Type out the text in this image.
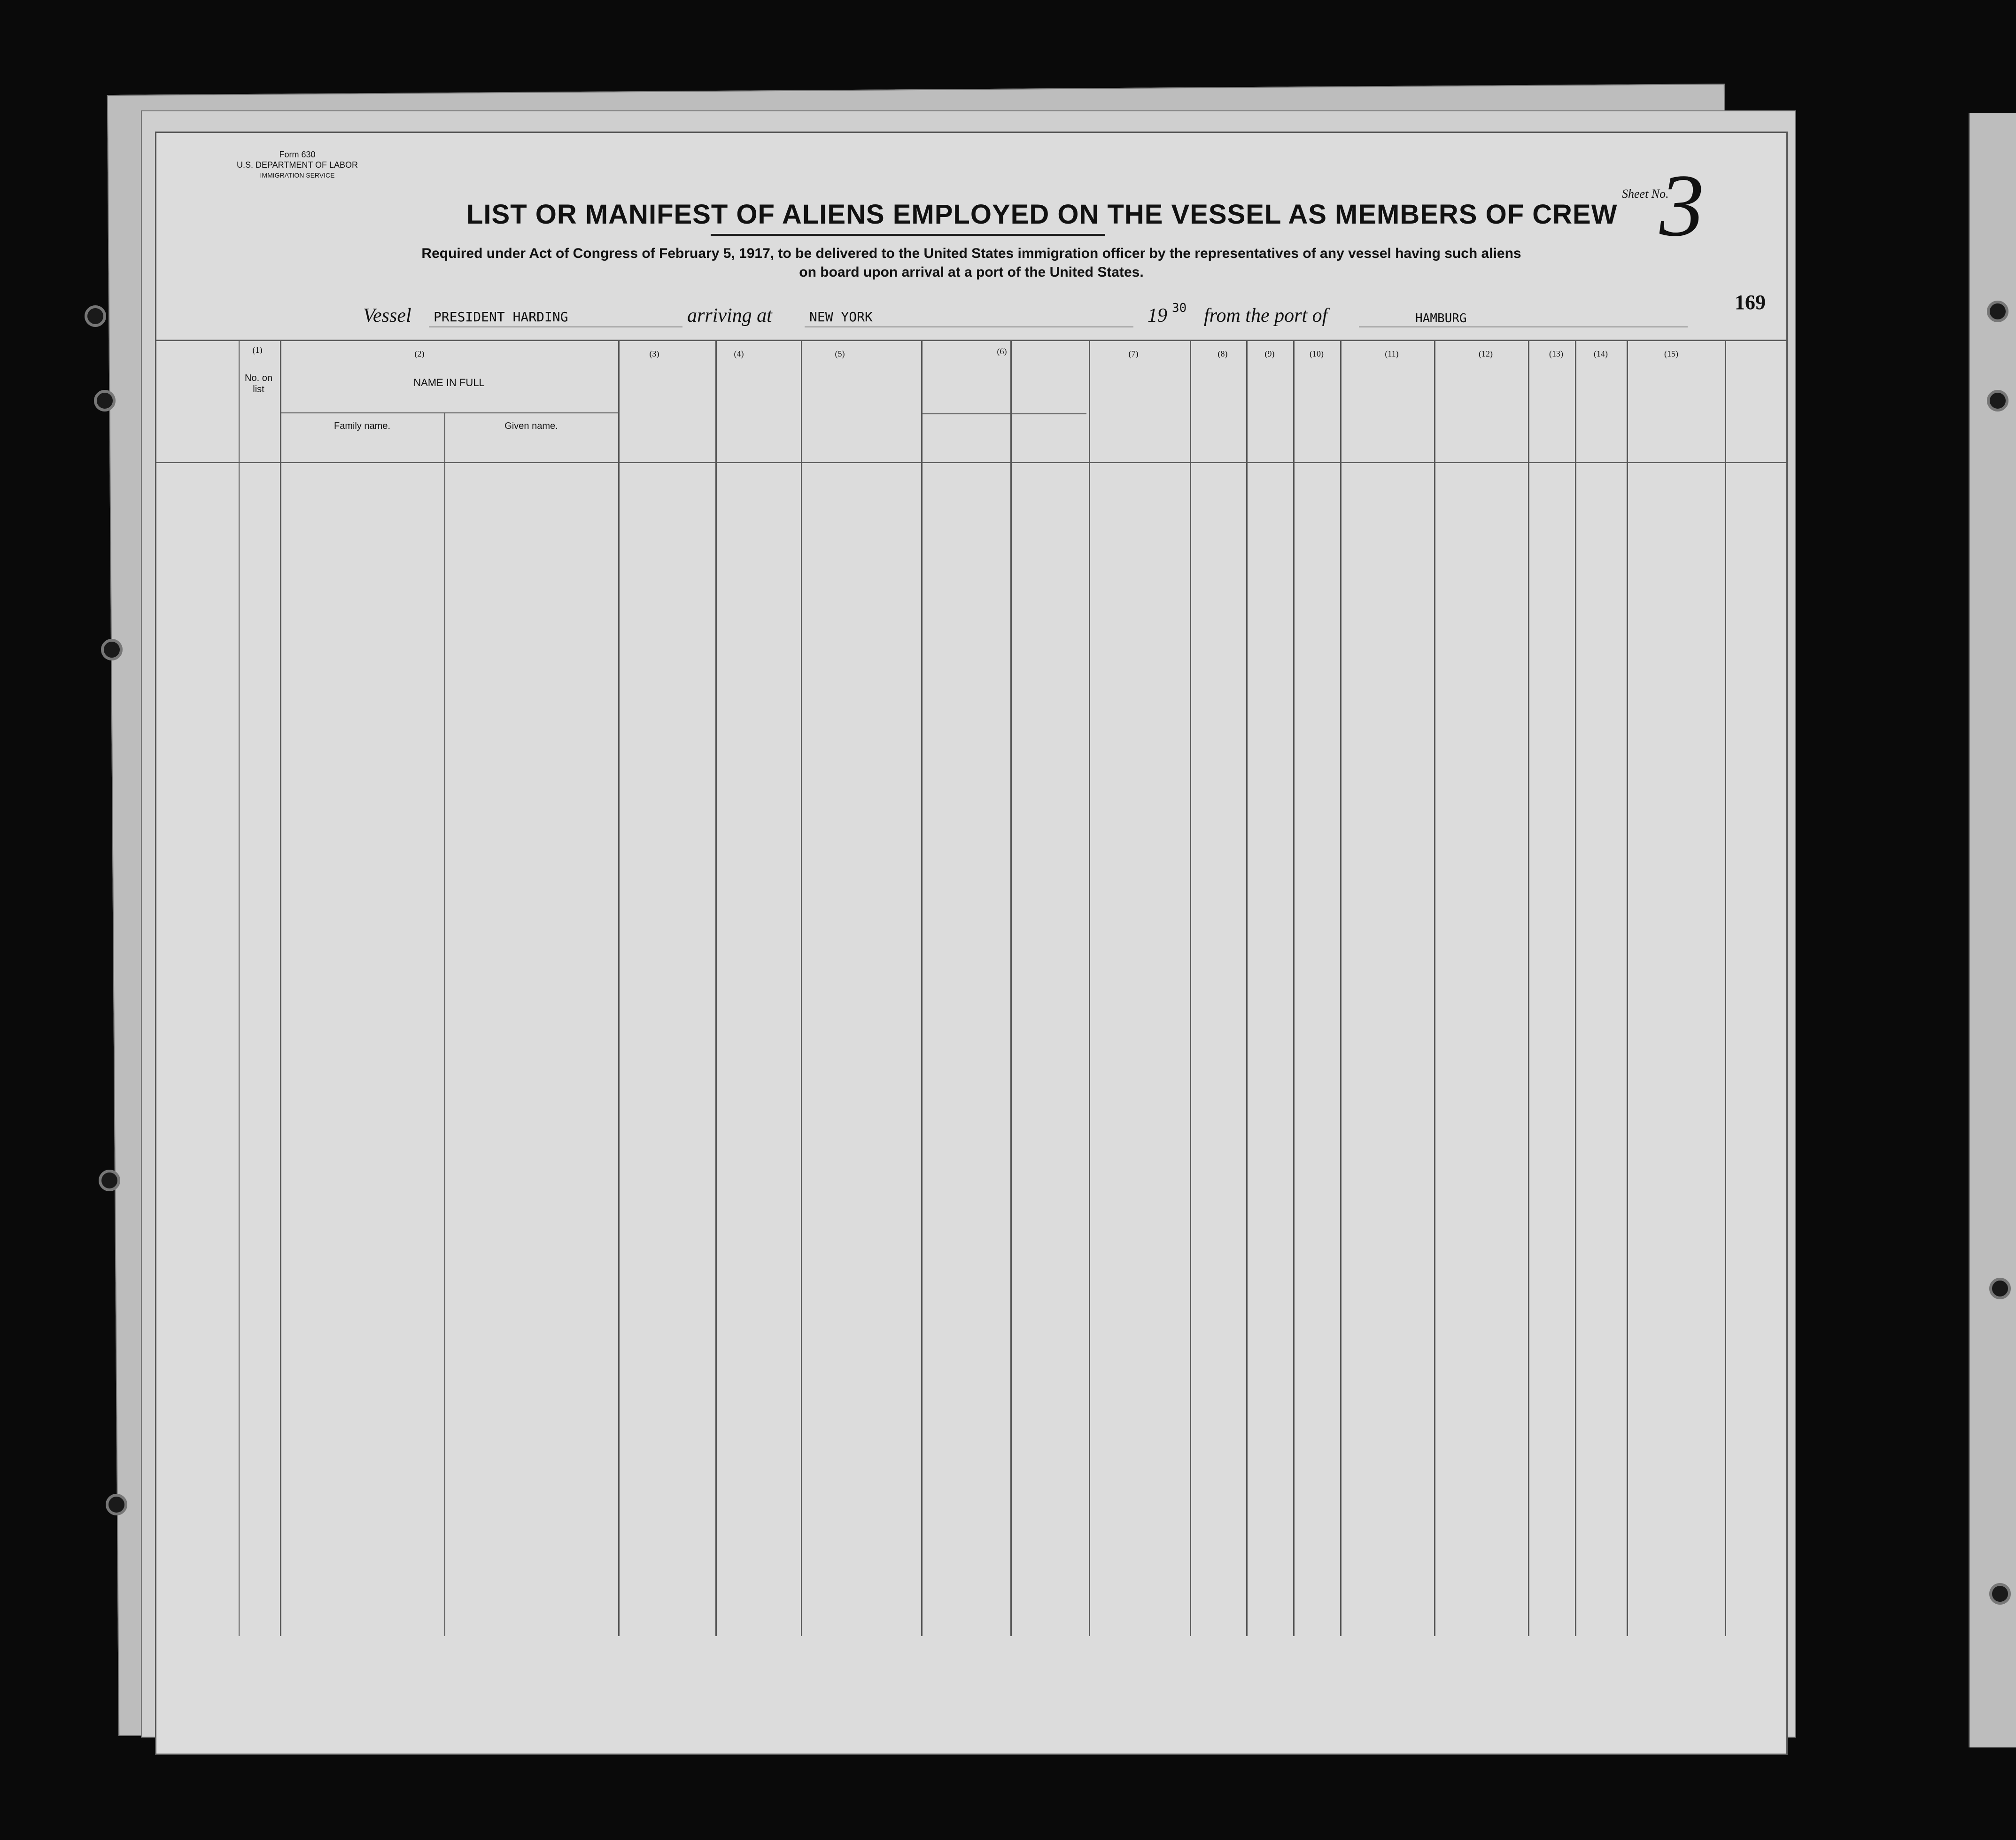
Form 630
U.S. DEPARTMENT OF LABOR
IMMIGRATION SERVICE
LIST OR MANIFEST OF ALIENS EMPLOYED ON THE VESSEL AS MEMBERS OF CREW
Required under Act of Congress of February 5, 1917, to be delivered to the United States immigration officer by the representatives of any vessel having such aliens
on board upon arrival at a port of the United States.
Sheet No.
3
169
Vessel PRESIDENT HARDING	arriving at	NEW YORK	19 30 from the port of	HAMBURG
(1)	(2)	(3)	(4)	(5)	(6)	(7)	(8)	(9)	(10)	(11)	(12)	(13)	(14)	(15)
No. on list
NAME IN FULL
Family name.	Given name.
